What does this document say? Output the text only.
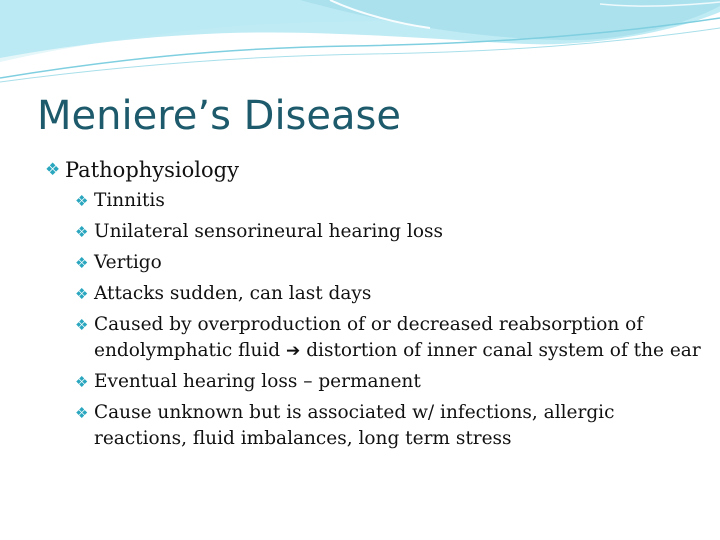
Meniere’s Disease
❖ Pathophysiology
❖ Tinnitis
❖ Unilateral sensorineural hearing loss
❖ Vertigo
❖ Attacks sudden, can last days
❖ Caused by overproduction of or decreased reabsorption of endolymphatic fluid ➔ distortion of inner canal system of the ear
❖ Eventual hearing loss – permanent
❖ Cause unknown but is associated w/ infections, allergic reactions, fluid imbalances, long term stress
